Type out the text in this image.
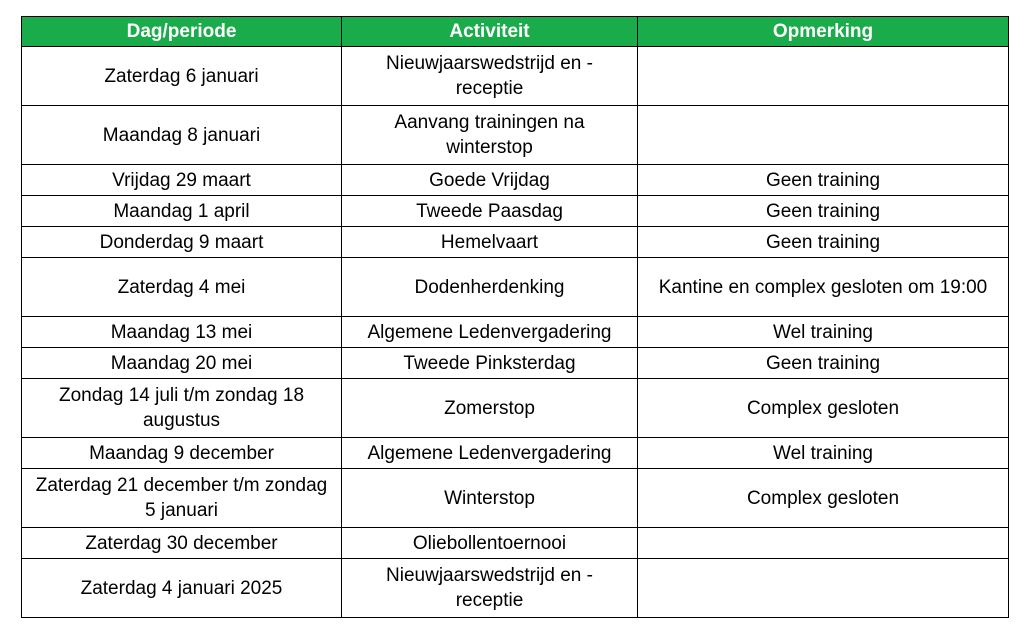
Dag/periode	Activiteit	Opmerking
Zaterdag 6 januari	Nieuwjaarswedstrijd en - receptie	
Maandag 8 januari	Aanvang trainingen na winterstop	
Vrijdag 29 maart	Goede Vrijdag	Geen training
Maandag 1 april	Tweede Paasdag	Geen training
Donderdag 9 maart	Hemelvaart	Geen training
Zaterdag 4 mei	Dodenherdenking	Kantine en complex gesloten om 19:00
Maandag 13 mei	Algemene Ledenvergadering	Wel training
Maandag 20 mei	Tweede Pinksterdag	Geen training
Zondag 14 juli t/m zondag 18 augustus	Zomerstop	Complex gesloten
Maandag 9 december	Algemene Ledenvergadering	Wel training
Zaterdag 21 december t/m zondag 5 januari	Winterstop	Complex gesloten
Zaterdag 30 december	Oliebollentoernooi	
Zaterdag 4 januari 2025	Nieuwjaarswedstrijd en - receptie	
